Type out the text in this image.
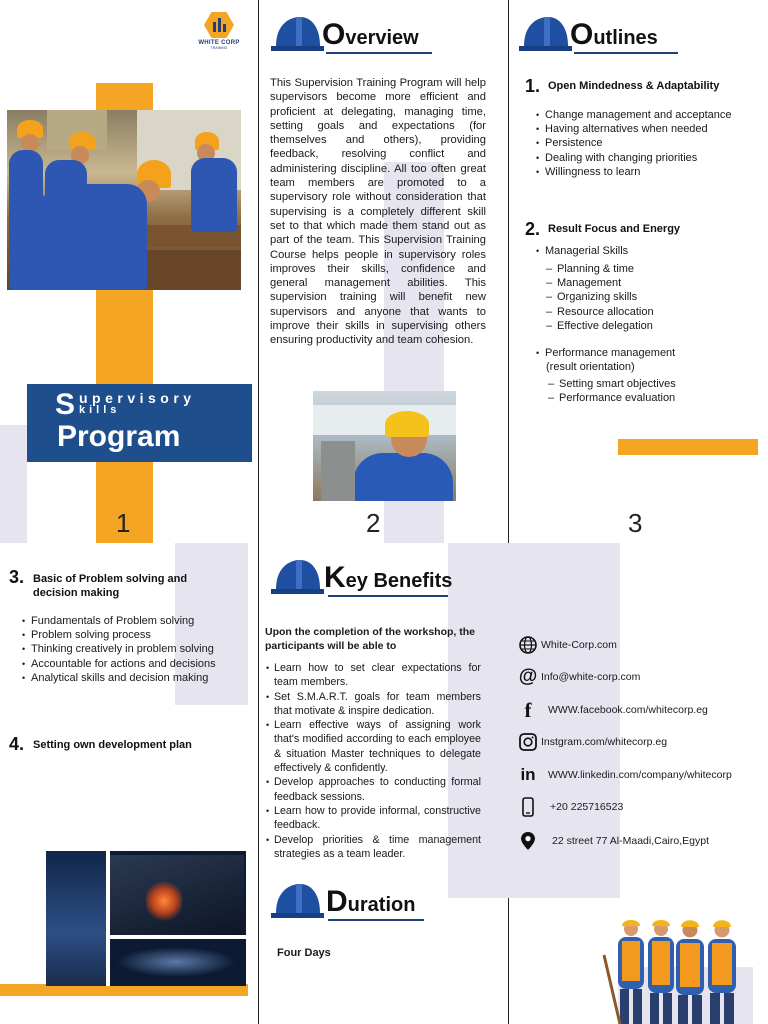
WHITE CORP
TRAINING
S upervisory
kills
Program
1
Overview

This Supervision Training Program will help supervisors become more efficient and proficient at delegating, managing time, setting goals and expectations (for themselves and others), providing feedback, resolving conflict and administering discipline. All too often great team members are promoted to a supervisory role without consideration that supervising is a completely different skill set to that which made them stand out as part of the team. This Supervision Training Course helps people in supervisory roles improves their skills, confidence and general management abilities. This supervision training will benefit new supervisors and anyone that wants to improve their skills in supervising others ensuring productivity and team cohesion.

2
Outlines
1. Open Mindedness & Adaptability
• Change management and acceptance
• Having alternatives when needed
• Persistence
• Dealing with changing priorities
• Willingness to learn
2. Result Focus and Energy
• Managerial Skills
– Planning & time
– Management
– Organizing skills
– Resource allocation
– Effective delegation
• Performance management
(result orientation)
– Setting smart objectives
– Performance evaluation
3
3. Basic of Problem solving and
decision making
• Fundamentals of Problem solving
• Problem solving process
• Thinking creatively in problem solving
• Accountable for actions and decisions
• Analytical skills and decision making
4. Setting own development plan
Key Benefits
Upon the completion of the workshop, the participants will be able to
• Learn how to set clear expectations for team members.
• Set S.M.A.R.T. goals for team members that motivate & inspire dedication.
• Learn effective ways of assigning work that's modified according to each employee & situation Master techniques to delegate effectively & confidently.
• Develop approaches to conducting formal feedback sessions.
• Learn how to provide informal, constructive feedback.
• Develop priorities & time management strategies as a team leader.
Duration
Four Days
White-Corp.com
@ Info@white-corp.com
f	WWW.facebook.com/whitecorp.eg
Instgram.com/whitecorp.eg
in WWW.linkedin.com/company/whitecorp
+20 225716523
22 street 77 Al-Maadi,Cairo,Egypt
